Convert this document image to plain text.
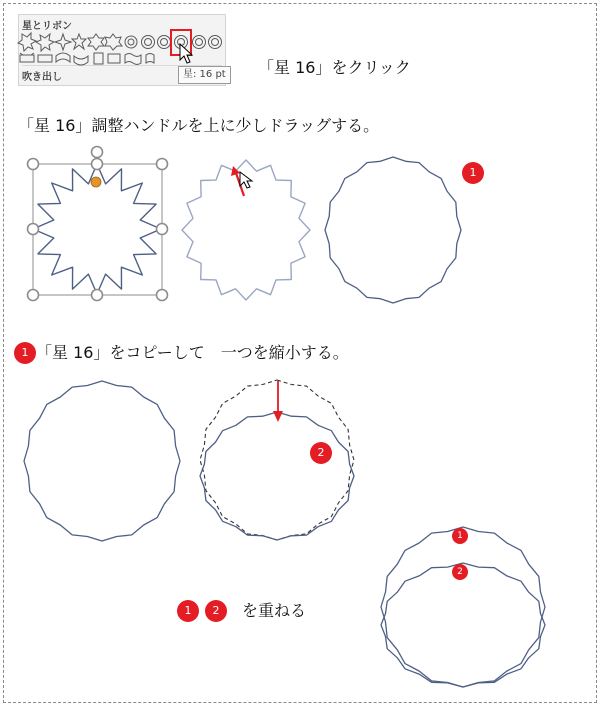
星とリボン
吹き出し	星: 16 pt	「星 16」をクリック
「星 16」調整ハンドルを上に少しドラッグする。
1
1 「星 16」をコピーして　一つを縮小する。
2
1	2	を重ねる
1
2
